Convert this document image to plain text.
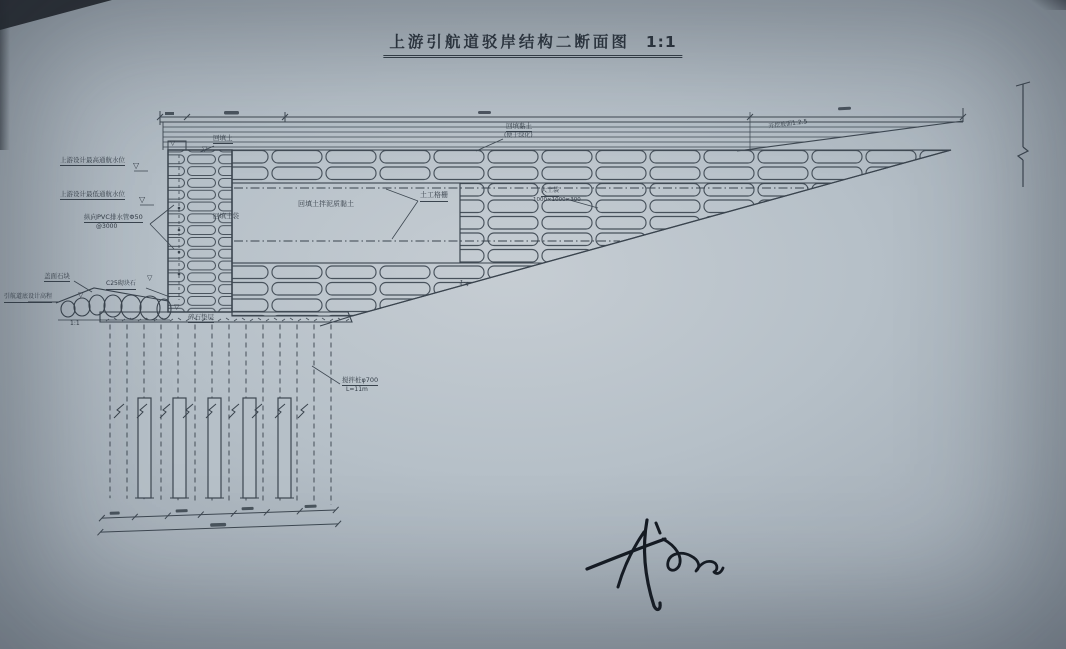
上游设计最高通航水位
▽
上游设计最低通航水位
▽
纵向PVC排水管Φ50
@3000
▽
▽
回填土
回填土袋
回填土拌泥质黏土
土工格栅
回填黏土
(便于绿化)
大土袋
1000×1000×300
开挖坡面1:2.5
1:4
盖面石块	▽
C25砌块石
引航道底设计高程	▽
1:1
▽
碎石垫层
搅拌桩φ700
L=11m
上游引航道驳岸结构二断面图 1:1
